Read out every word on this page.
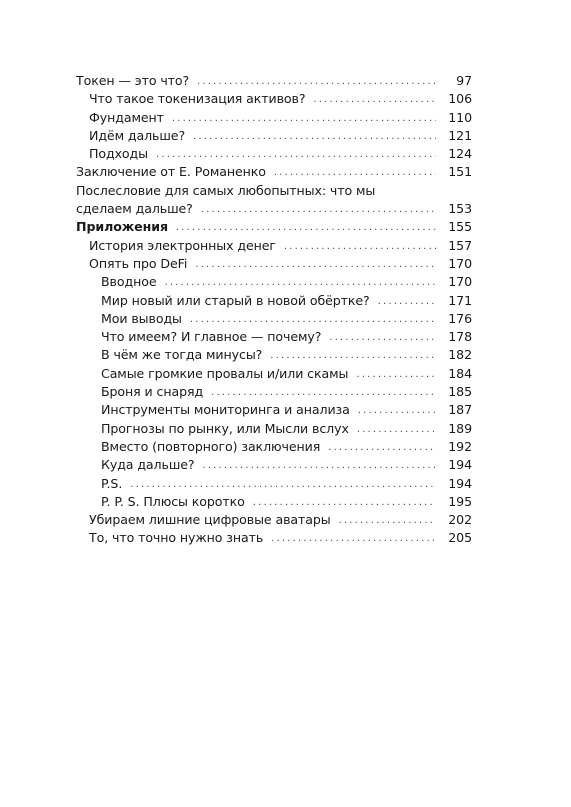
Токен — это что? . . .	97
Что такое токенизация активов? . . .	106
Фундамент . . .	110
Идём дальше? . . .	121
Подходы . . .	124
Заключение от Е. Романенко . . .	151
Послесловие для самых любопытных: что мы
сделаем дальше? . . .	153
Приложения . . .	155
История электронных денег . . .	157
Опять про DeFi . . .	170
Вводное . . .	170
Мир новый или старый в новой обёртке? . . .	171
Мои выводы . . .	176
Что имеем? И главное — почему? . . .	178
В чём же тогда минусы? . . .	182
Самые громкие провалы и/или скамы . . .	184
Броня и снаряд . . .	185
Инструменты мониторинга и анализа . . .	187
Прогнозы по рынку, или Мысли вслух . . .	189
Вместо (повторного) заключения . . .	192
Куда дальше? . . .	194
P.S. . . .	194
P. P. S. Плюсы коротко . . .	195
Убираем лишние цифровые аватары . . .	202
То, что точно нужно знать . . .	205
